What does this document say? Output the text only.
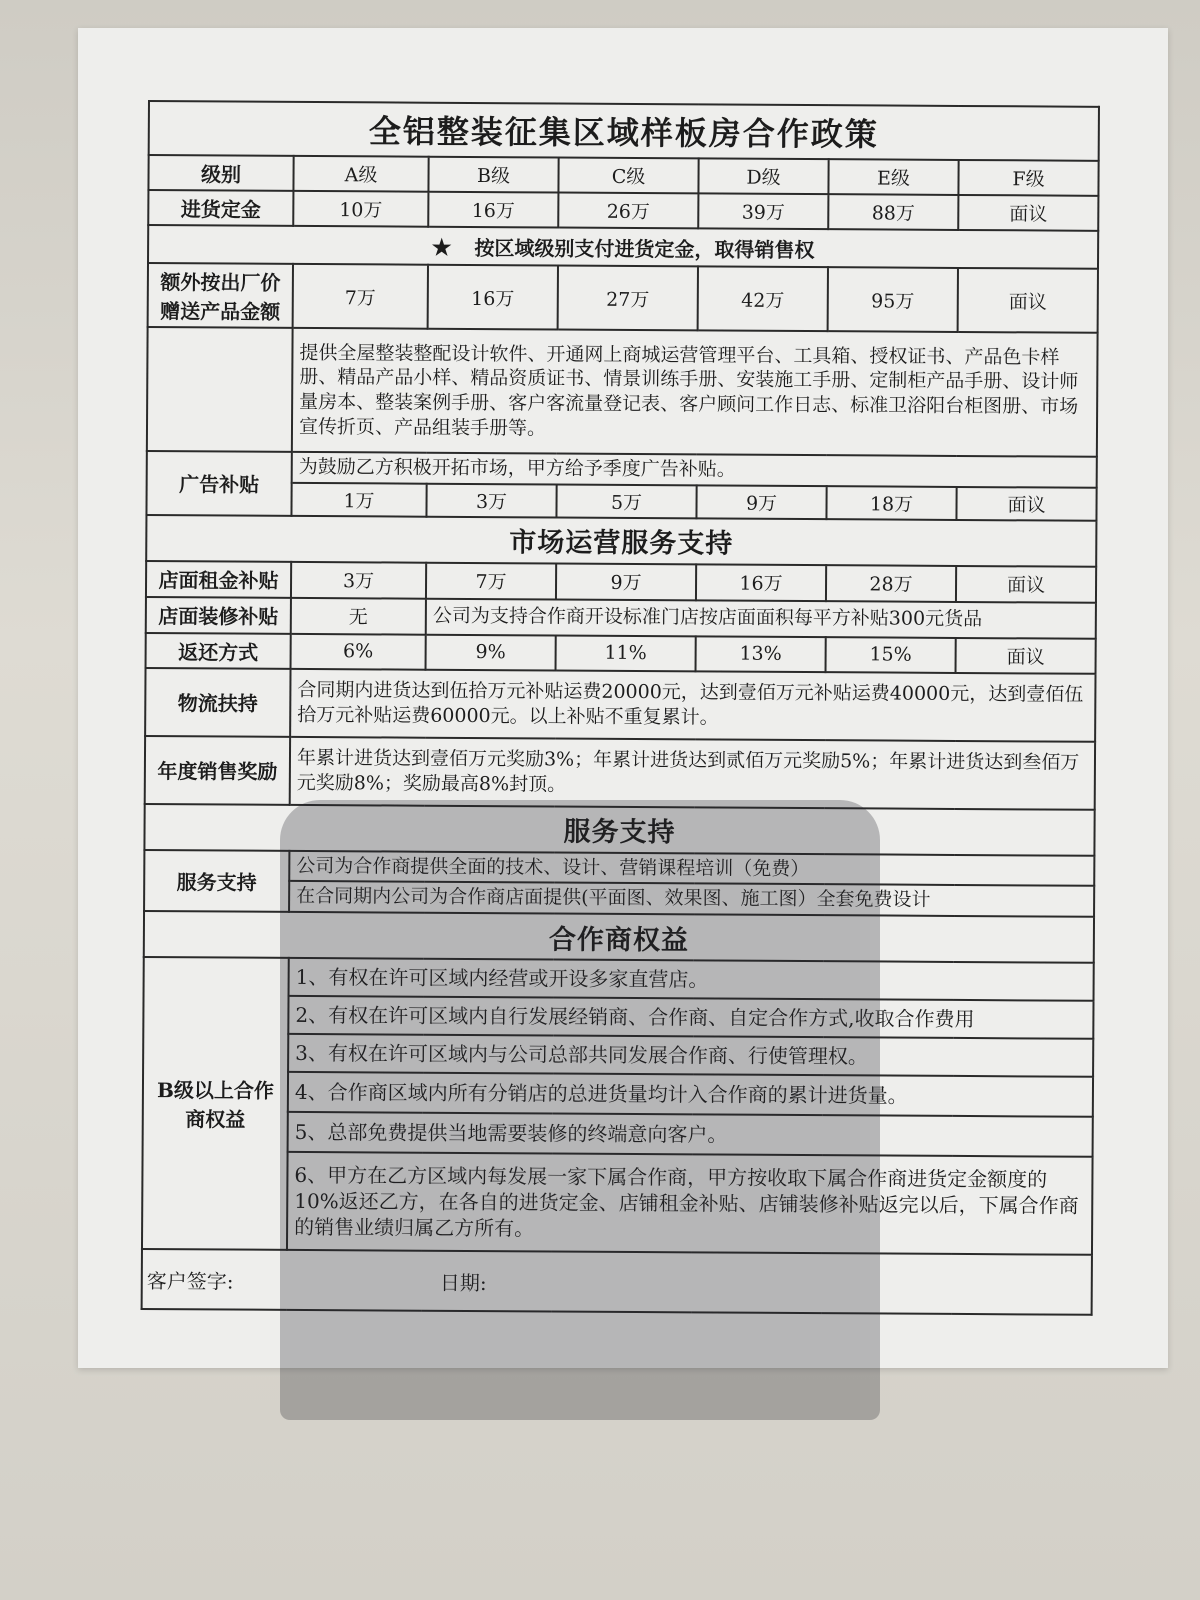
全铝整装征集区域样板房合作政策						
级别	A级	B级	C级	D级	E级	F级
进货定金	10万	16万	26万	39万	88万	面议
★ 按区域级别支付进货定金，取得销售权						
额外按出厂价赠送产品金额	7万	16万	27万	42万	95万	面议
	提供全屋整装整配设计软件、开通网上商城运营管理平台、工具箱、授权证书、产品色卡样册、精品产品小样、精品资质证书、情景训练手册、安装施工手册、定制柜产品手册、设计师量房本、整装案例手册、客户客流量登记表、客户顾问工作日志、标准卫浴阳台柜图册、市场宣传折页、产品组装手册等。					
广告补贴	为鼓励乙方积极开拓市场，甲方给予季度广告补贴。					
	1万	3万	5万	9万	18万	面议
市场运营服务支持						
店面租金补贴	3万	7万	9万	16万	28万	面议
店面装修补贴	无	公司为支持合作商开设标准门店按店面面积每平方补贴300元货品				
返还方式	6%	9%	11%	13%	15%	面议
物流扶持	合同期内进货达到伍拾万元补贴运费20000元，达到壹佰万元补贴运费40000元，达到壹佰伍拾万元补贴运费60000元。以上补贴不重复累计。					
年度销售奖励	年累计进货达到壹佰万元奖励3%；年累计进货达到贰佰万元奖励5%；年累计进货达到叁佰万元奖励8%；奖励最高8%封顶。					
服务支持						
服务支持	公司为合作商提供全面的技术、设计、营销课程培训（免费）					
	在合同期内公司为合作商店面提供(平面图、效果图、施工图）全套免费设计					
合作商权益						
B级以上合作商权益	1、有权在许可区域内经营或开设多家直营店。					
	2、有权在许可区域内自行发展经销商、合作商、自定合作方式,收取合作费用					
	3、有权在许可区域内与公司总部共同发展合作商、行使管理权。					
	4、合作商区域内所有分销店的总进货量均计入合作商的累计进货量。					
	5、总部免费提供当地需要装修的终端意向客户。					
	6、甲方在乙方区域内每发展一家下属合作商，甲方按收取下属合作商进货定金额度的10%返还乙方，在各自的进货定金、店铺租金补贴、店铺装修补贴返完以后，下属合作商的销售业绩归属乙方所有。					
客户签字: 日期:						
